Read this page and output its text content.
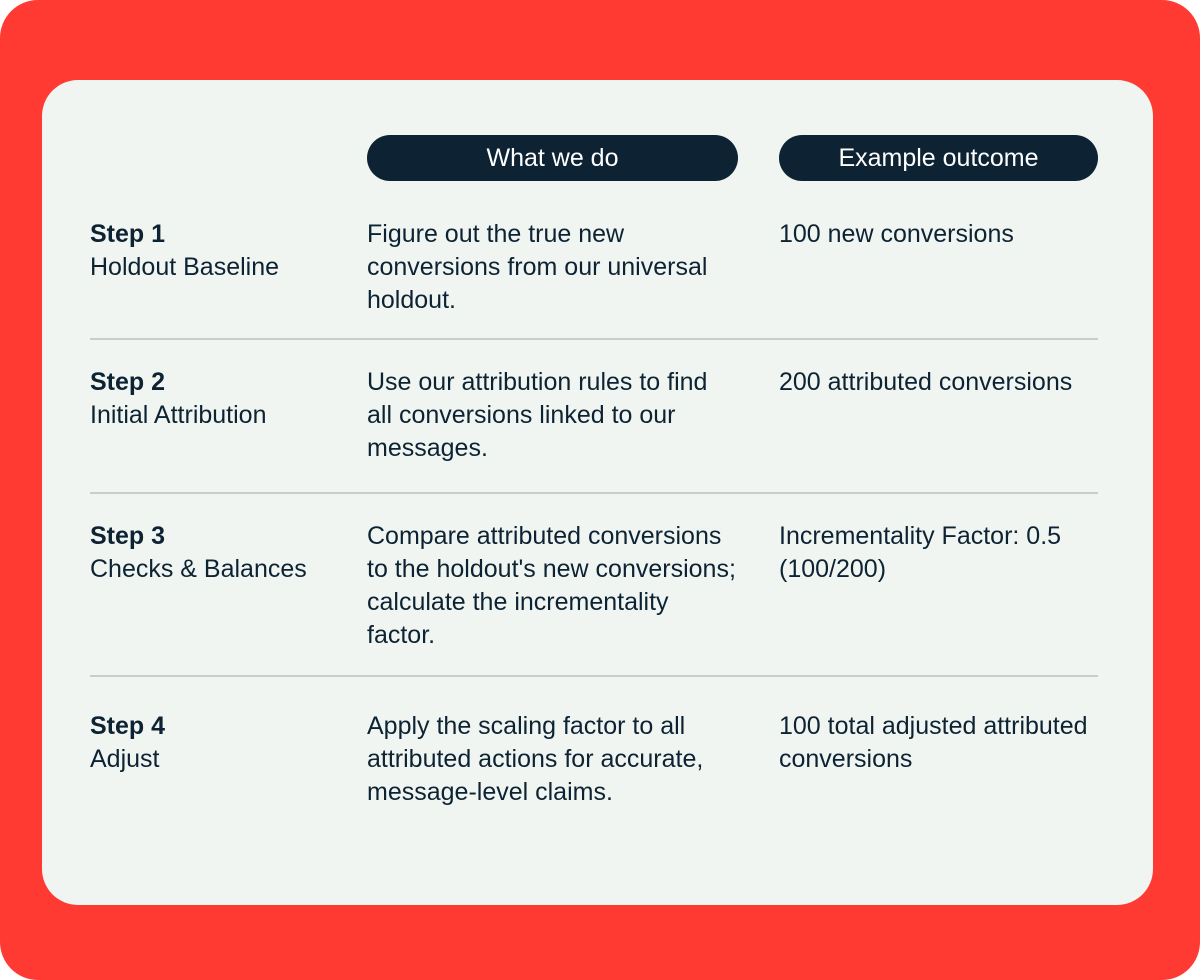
What we do	Example outcome
Step 1
Holdout Baseline
Figure out the true new conversions from our universal holdout.
100 new conversions
Step 2
Initial Attribution
Use our attribution rules to find all conversions linked to our messages.
200 attributed conversions
Step 3
Checks & Balances
Compare attributed conversions to the holdout's new conversions; calculate the incrementality factor.
Incrementality Factor: 0.5 (100/200)
Step 4
Adjust
Apply the scaling factor to all attributed actions for accurate, message-level claims.
100 total adjusted attributed conversions
